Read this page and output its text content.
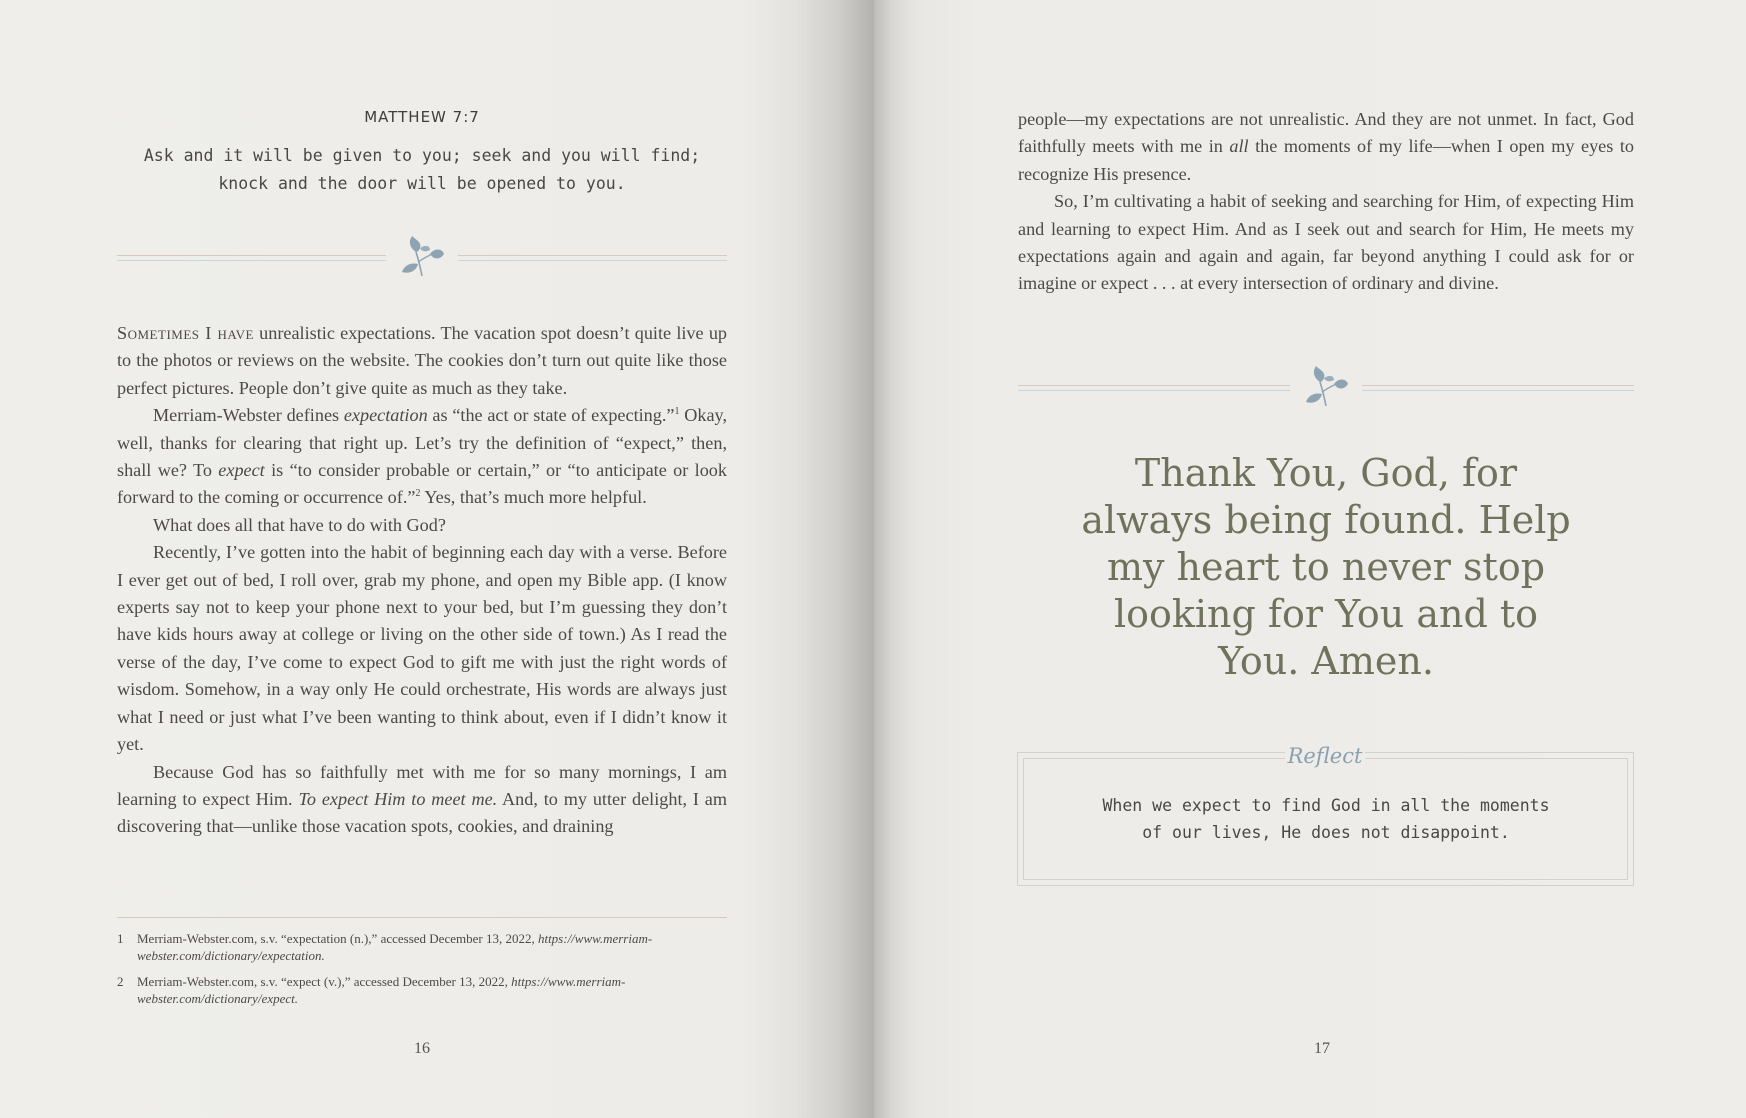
MATTHEW 7:7
Ask and it will be given to you; seek and you will find;
knock and the door will be opened to you.

Sometimes I have unrealistic expectations. The vacation spot doesn’t quite live up to the photos or reviews on the website. The cookies don’t turn out quite like those perfect pictures. People don’t give quite as much as they take.

Merriam-Webster defines expectation as “the act or state of expecting.”$^1$ Okay, well, thanks for clearing that right up. Let’s try the definition of “expect,” then, shall we? To expect is “to consider probable or certain,” or “to anticipate or look forward to the coming or occurrence of.”$^2$ Yes, that’s much more helpful.

What does all that have to do with God?

Recently, I’ve gotten into the habit of beginning each day with a verse. Before I ever get out of bed, I roll over, grab my phone, and open my Bible app. (I know experts say not to keep your phone next to your bed, but I’m guessing they don’t have kids hours away at college or living on the other side of town.) As I read the verse of the day, I’ve come to expect God to gift me with just the right words of wisdom. Somehow, in a way only He could orchestrate, His words are always just what I need or just what I’ve been wanting to think about, even if I didn’t know it yet.

Because God has so faithfully met with me for so many mornings, I am learning to expect Him. To expect Him to meet me. And, to my utter delight, I am discovering that—unlike those vacation spots, cookies, and draining

1 Merriam-Webster.com, s.v. “expectation (n.),” accessed December 13, 2022, https://www.merriam-webster.com/dictionary/expectation.
2 Merriam-Webster.com, s.v. “expect (v.),” accessed December 13, 2022, https://www.merriam-webster.com/dictionary/expect.
16

people—my expectations are not unrealistic. And they are not unmet. In fact, God faithfully meets with me in all the moments of my life—when I open my eyes to recognize His presence.

So, I’m cultivating a habit of seeking and searching for Him, of expecting Him and learning to expect Him. And as I seek out and search for Him, He meets my expectations again and again and again, far beyond anything I could ask for or imagine or expect . . . at every intersection of ordinary and divine.

Thank You, God, for
always being found. Help
my heart to never stop
looking for You and to
You. Amen.
Reflect
When we expect to find God in all the moments
of our lives, He does not disappoint.
17
